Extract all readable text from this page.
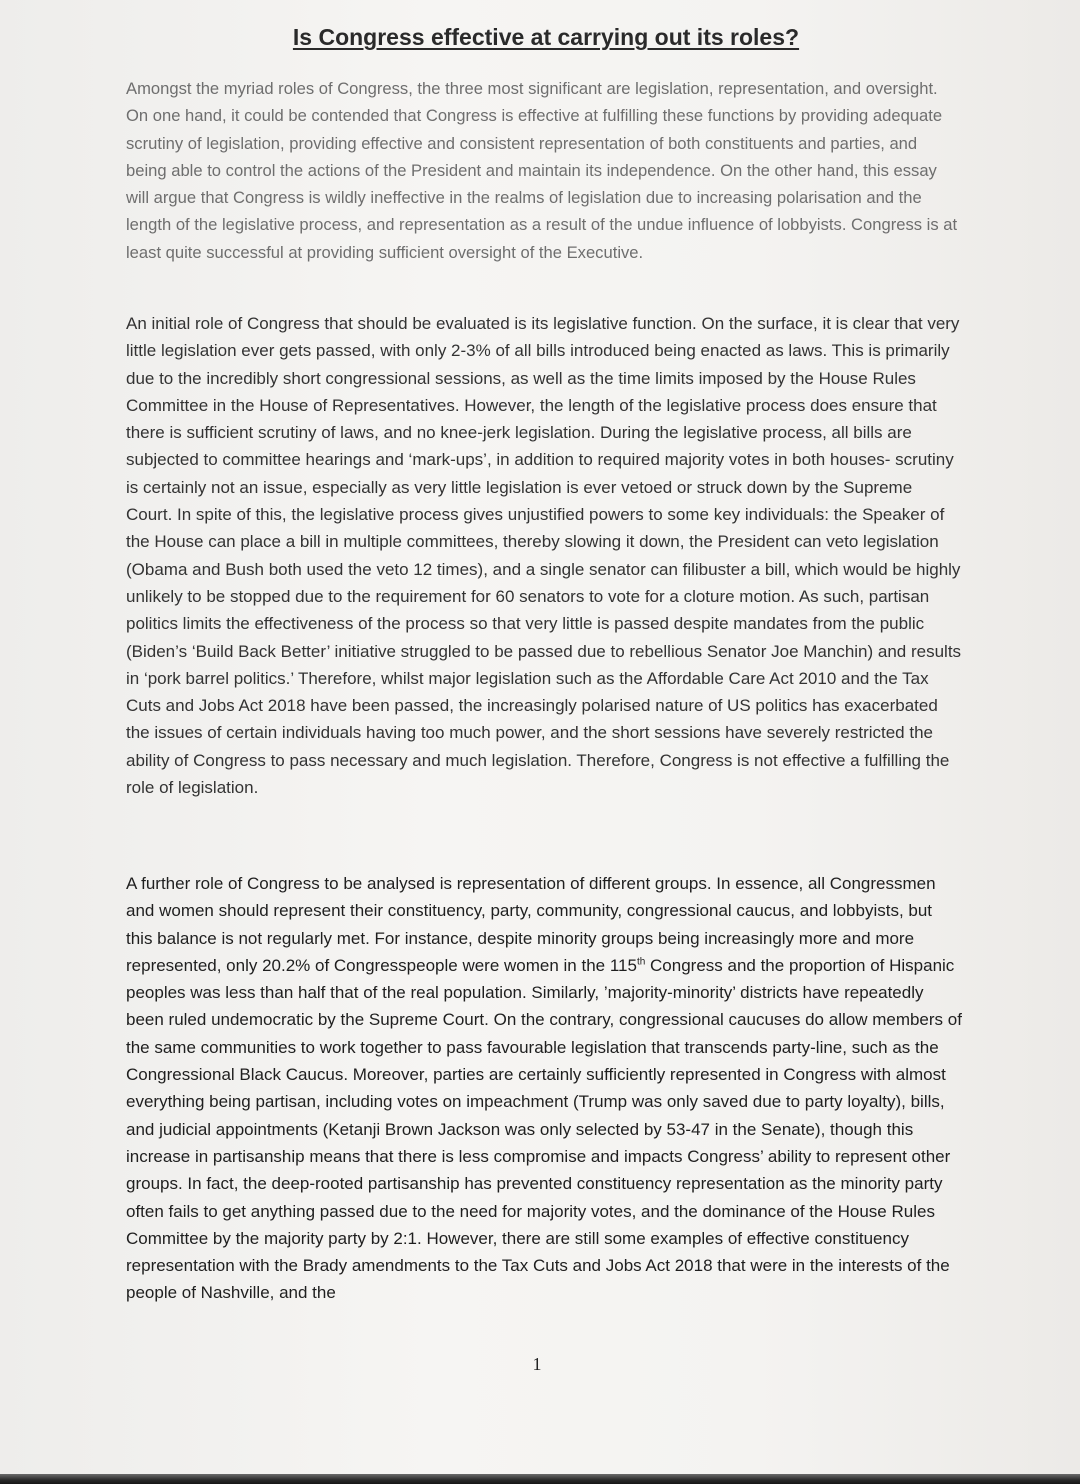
Is Congress effective at carrying out its roles?

Amongst the myriad roles of Congress, the three most significant are legislation, representation, and oversight. On one hand, it could be contended that Congress is effective at fulfilling these functions by providing adequate scrutiny of legislation, providing effective and consistent representation of both constituents and parties, and being able to control the actions of the President and maintain its independence. On the other hand, this essay will argue that Congress is wildly ineffective in the realms of legislation due to increasing polarisation and the length of the legislative process, and representation as a result of the undue influence of lobbyists. Congress is at least quite successful at providing sufficient oversight of the Executive.

An initial role of Congress that should be evaluated is its legislative function. On the surface, it is clear that very little legislation ever gets passed, with only 2-3% of all bills introduced being enacted as laws. This is primarily due to the incredibly short congressional sessions, as well as the time limits imposed by the House Rules Committee in the House of Representatives. However, the length of the legislative process does ensure that there is sufficient scrutiny of laws, and no knee-jerk legislation. During the legislative process, all bills are subjected to committee hearings and ‘mark-ups’, in addition to required majority votes in both houses- scrutiny is certainly not an issue, especially as very little legislation is ever vetoed or struck down by the Supreme Court. In spite of this, the legislative process gives unjustified powers to some key individuals: the Speaker of the House can place a bill in multiple committees, thereby slowing it down, the President can veto legislation (Obama and Bush both used the veto 12 times), and a single senator can filibuster a bill, which would be highly unlikely to be stopped due to the requirement for 60 senators to vote for a cloture motion. As such, partisan politics limits the effectiveness of the process so that very little is passed despite mandates from the public (Biden’s ‘Build Back Better’ initiative struggled to be passed due to rebellious Senator Joe Manchin) and results in ‘pork barrel politics.’ Therefore, whilst major legislation such as the Affordable Care Act 2010 and the Tax Cuts and Jobs Act 2018 have been passed, the increasingly polarised nature of US politics has exacerbated the issues of certain individuals having too much power, and the short sessions have severely restricted the ability of Congress to pass necessary and much legislation. Therefore, Congress is not effective a fulfilling the role of legislation.

A further role of Congress to be analysed is representation of different groups. In essence, all Congressmen and women should represent their constituency, party, community, congressional caucus, and lobbyists, but this balance is not regularly met. For instance, despite minority groups being increasingly more and more represented, only 20.2% of Congresspeople were women in the 115th Congress and the proportion of Hispanic peoples was less than half that of the real population. Similarly, ’majority-minority’ districts have repeatedly been ruled undemocratic by the Supreme Court. On the contrary, congressional caucuses do allow members of the same communities to work together to pass favourable legislation that transcends party-line, such as the Congressional Black Caucus. Moreover, parties are certainly sufficiently represented in Congress with almost everything being partisan, including votes on impeachment (Trump was only saved due to party loyalty), bills, and judicial appointments (Ketanji Brown Jackson was only selected by 53-47 in the Senate), though this increase in partisanship means that there is less compromise and impacts Congress’ ability to represent other groups. In fact, the deep-rooted partisanship has prevented constituency representation as the minority party often fails to get anything passed due to the need for majority votes, and the dominance of the House Rules Committee by the majority party by 2:1. However, there are still some examples of effective constituency representation with the Brady amendments to the Tax Cuts and Jobs Act 2018 that were in the interests of the people of Nashville, and the

1
